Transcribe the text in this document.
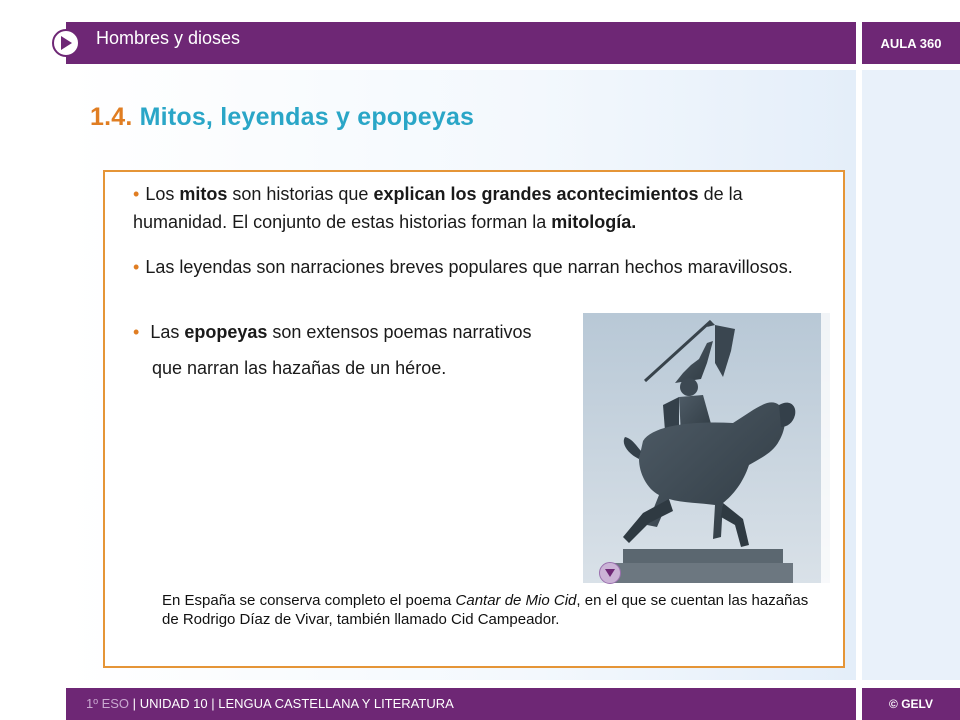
Hombres y dioses	AULA 360
1.4. Mitos, leyendas y epopeyas
• Los mitos son historias que explican los grandes acontecimientos de la humanidad. El conjunto de estas historias forman la mitología.
• Las leyendas son narraciones breves populares que narran hechos maravillosos.
• Las epopeyas son extensos poemas narrativos
que narran las hazañas de un héroe.
En España se conserva completo el poema Cantar de Mio Cid, en el que se cuentan las hazañas de Rodrigo Díaz de Vivar, también llamado Cid Campeador.
1º ESO | UNIDAD 10 | LENGUA CASTELLANA Y LITERATURA	© GELV
